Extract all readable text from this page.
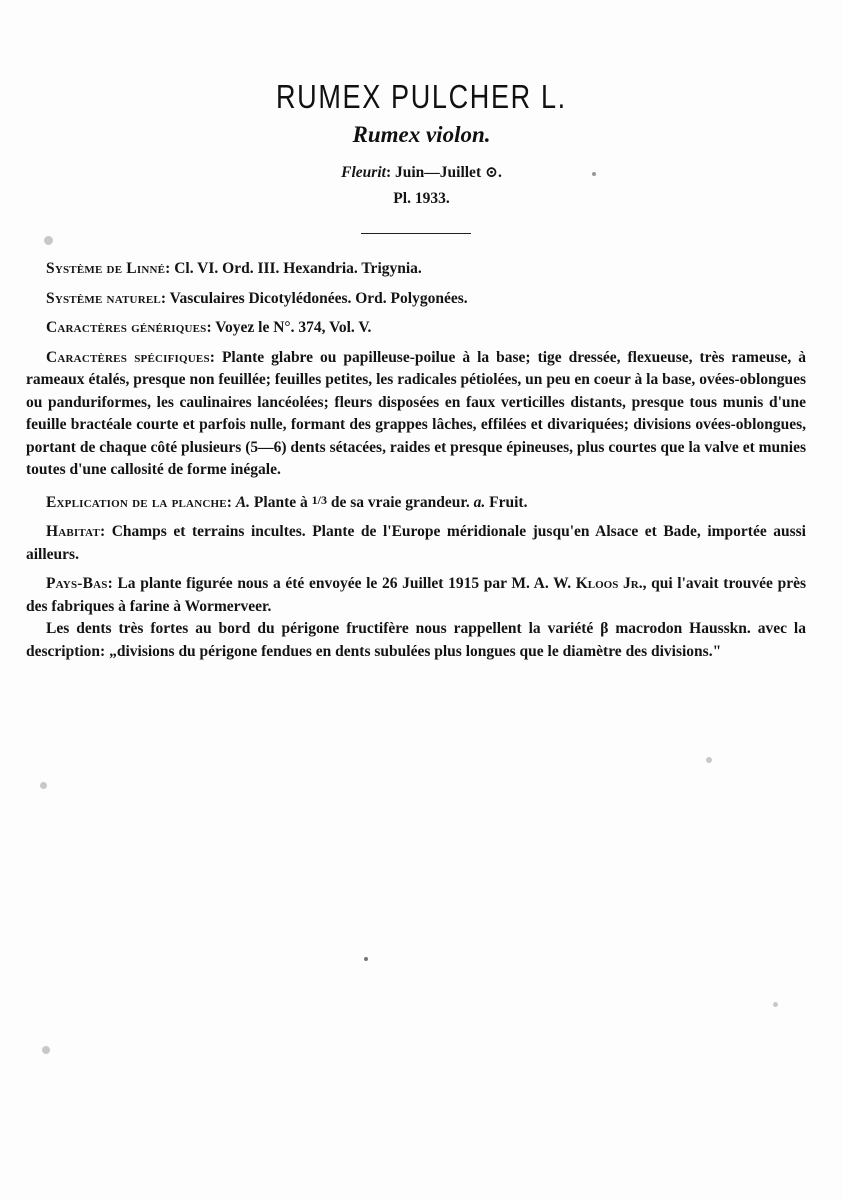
RUMEX PULCHER L.
Rumex violon.
Fleurit: Juin—Juillet ⊙.
Pl. 1933.

Système de Linné: Cl. VI. Ord. III. Hexandria. Trigynia.

Système naturel: Vasculaires Dicotylédonées. Ord. Polygonées.

Caractères génériques: Voyez le N°. 374, Vol. V.

Caractères spécifiques: Plante glabre ou papilleuse-poilue à la base; tige dressée, flexueuse, très rameuse, à rameaux étalés, presque non feuillée; feuilles petites, les radicales pétiolées, un peu en coeur à la base, ovées-oblongues ou panduriformes, les caulinaires lancéolées; fleurs disposées en faux verticilles distants, presque tous munis d'une feuille bractéale courte et parfois nulle, formant des grappes lâches, effilées et divariquées; divisions ovées-oblongues, portant de chaque côté plusieurs (5—6) dents sétacées, raides et presque épineuses, plus courtes que la valve et munies toutes d'une callosité de forme inégale.

Explication de la planche: A. Plante à 1/3 de sa vraie grandeur. a. Fruit.

Habitat: Champs et terrains incultes. Plante de l'Europe méridionale jusqu'en Alsace et Bade, importée aussi ailleurs.

Pays-Bas: La plante figurée nous a été envoyée le 26 Juillet 1915 par M. A. W. Kloos Jr., qui l'avait trouvée près des fabriques à farine à Wormerveer.

Les dents très fortes au bord du périgone fructifère nous rappellent la variété β macrodon Hausskn. avec la description: „divisions du périgone fendues en dents subulées plus longues que le diamètre des divisions."
